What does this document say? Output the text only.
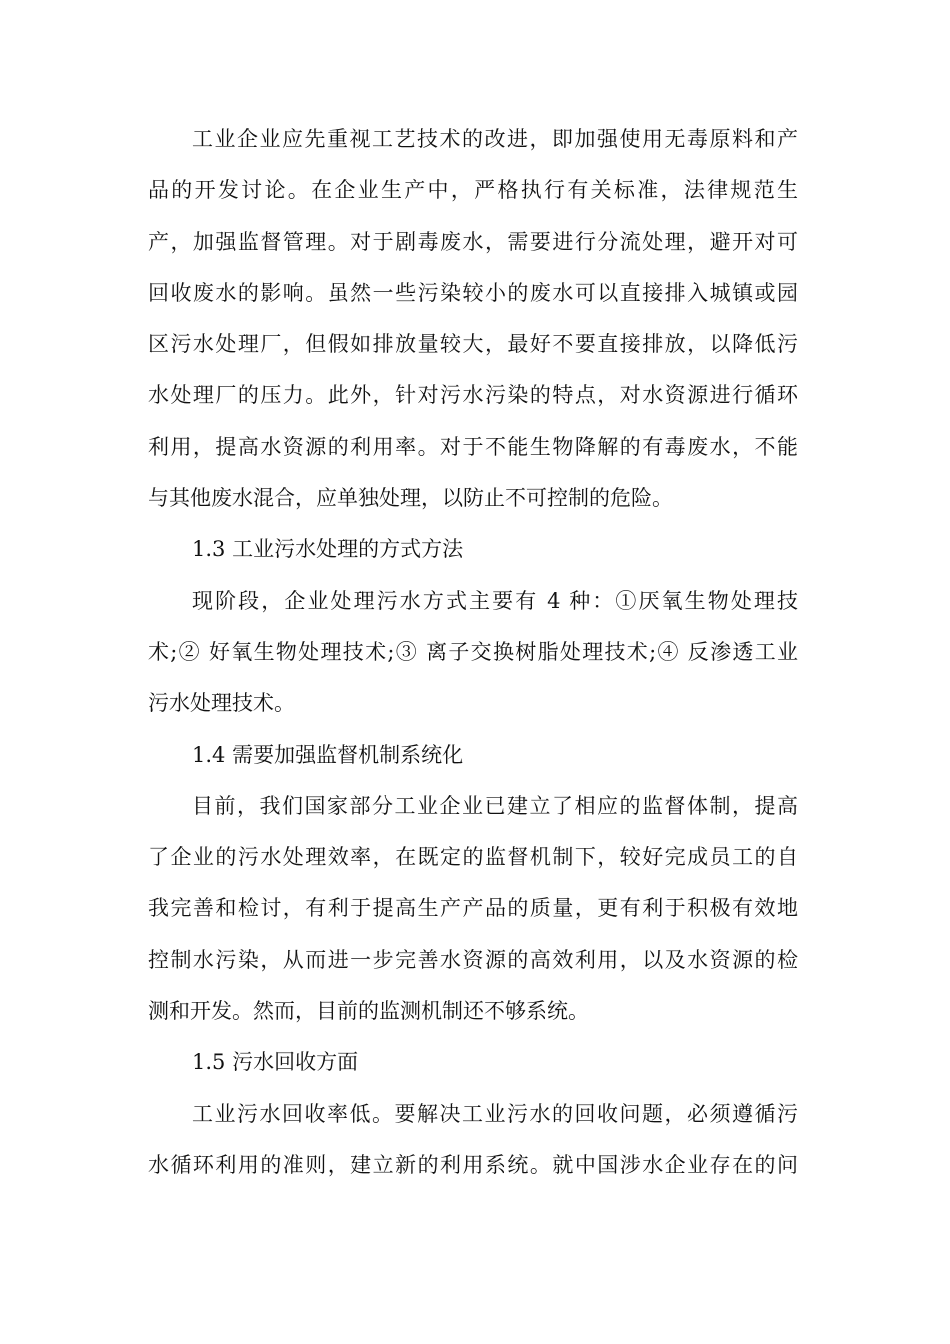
工业企业应先重视工艺技术的改进，即加强使用无毒原料和产
品的开发讨论。在企业生产中，严格执行有关标准，法律规范生
产，加强监督管理。对于剧毒废水，需要进行分流处理，避开对可
回收废水的影响。虽然一些污染较小的废水可以直接排入城镇或园
区污水处理厂，但假如排放量较大，最好不要直接排放，以降低污
水处理厂的压力。此外，针对污水污染的特点，对水资源进行循环
利用，提高水资源的利用率。对于不能生物降解的有毒废水，不能
与其他废水混合，应单独处理，以防止不可控制的危险。
1.3 工业污水处理的方式方法
现阶段，企业处理污水方式主要有 4 种：①厌氧生物处理技
术;② 好氧生物处理技术;③ 离子交换树脂处理技术;④ 反渗透工业
污水处理技术。
1.4 需要加强监督机制系统化
目前，我们国家部分工业企业已建立了相应的监督体制，提高
了企业的污水处理效率，在既定的监督机制下，较好完成员工的自
我完善和检讨，有利于提高生产产品的质量，更有利于积极有效地
控制水污染，从而进一步完善水资源的高效利用，以及水资源的检
测和开发。然而，目前的监测机制还不够系统。
1.5 污水回收方面
工业污水回收率低。要解决工业污水的回收问题，必须遵循污
水循环利用的准则，建立新的利用系统。就中国涉水企业存在的问
